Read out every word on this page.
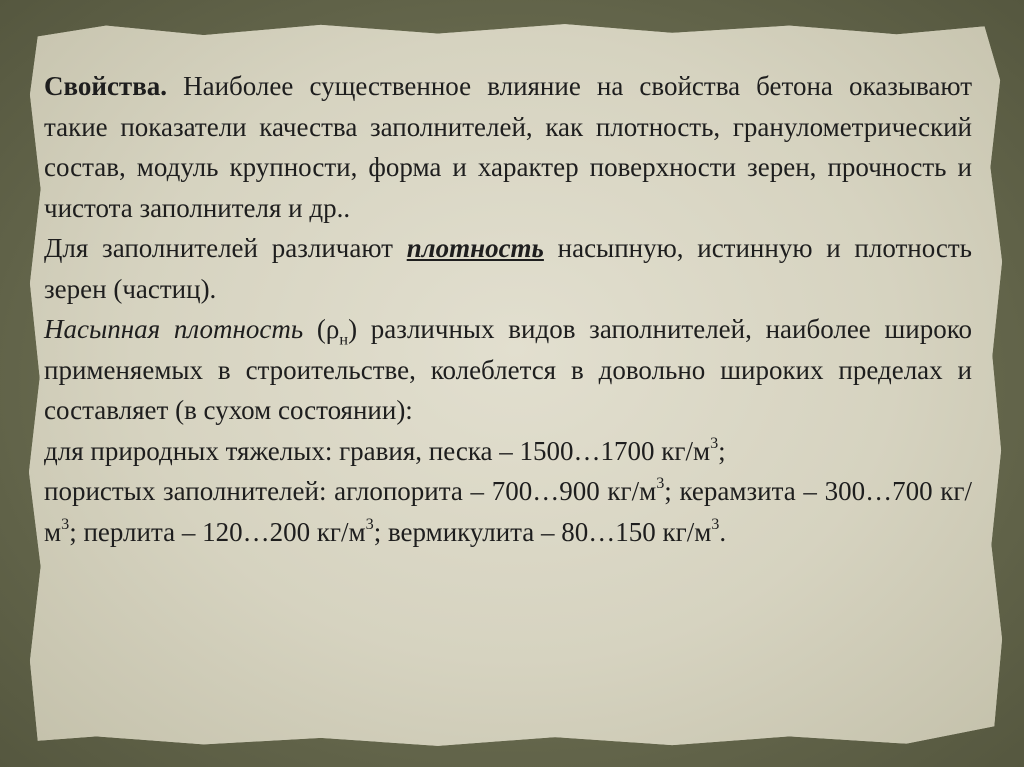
Свойства. Наиболее существенное влияние на свойства бетона оказывают такие показатели качества заполнителей, как плотность, гранулометрический состав, модуль крупности, форма и характер поверхности зерен, прочность и чистота заполнителя и др..

Для заполнителей различают плотность насыпную, истинную и плотность зерен (частиц).

Насыпная плотность $(\rho_н)$ различных видов заполнителей, наиболее широко применяемых в строительстве, колеблется в довольно широких пределах и составляет (в сухом состоянии):

для природных тяжелых: гравия, песка – 1500…1700 $кг/м^3$;

пористых заполнителей: аглопорита – 700…900 $кг/м^3$; керамзита – 300…700 $кг/м^3$; перлита – 120…200 $кг/м^3$; вермикулита – 80…150 $кг/м^3$.
